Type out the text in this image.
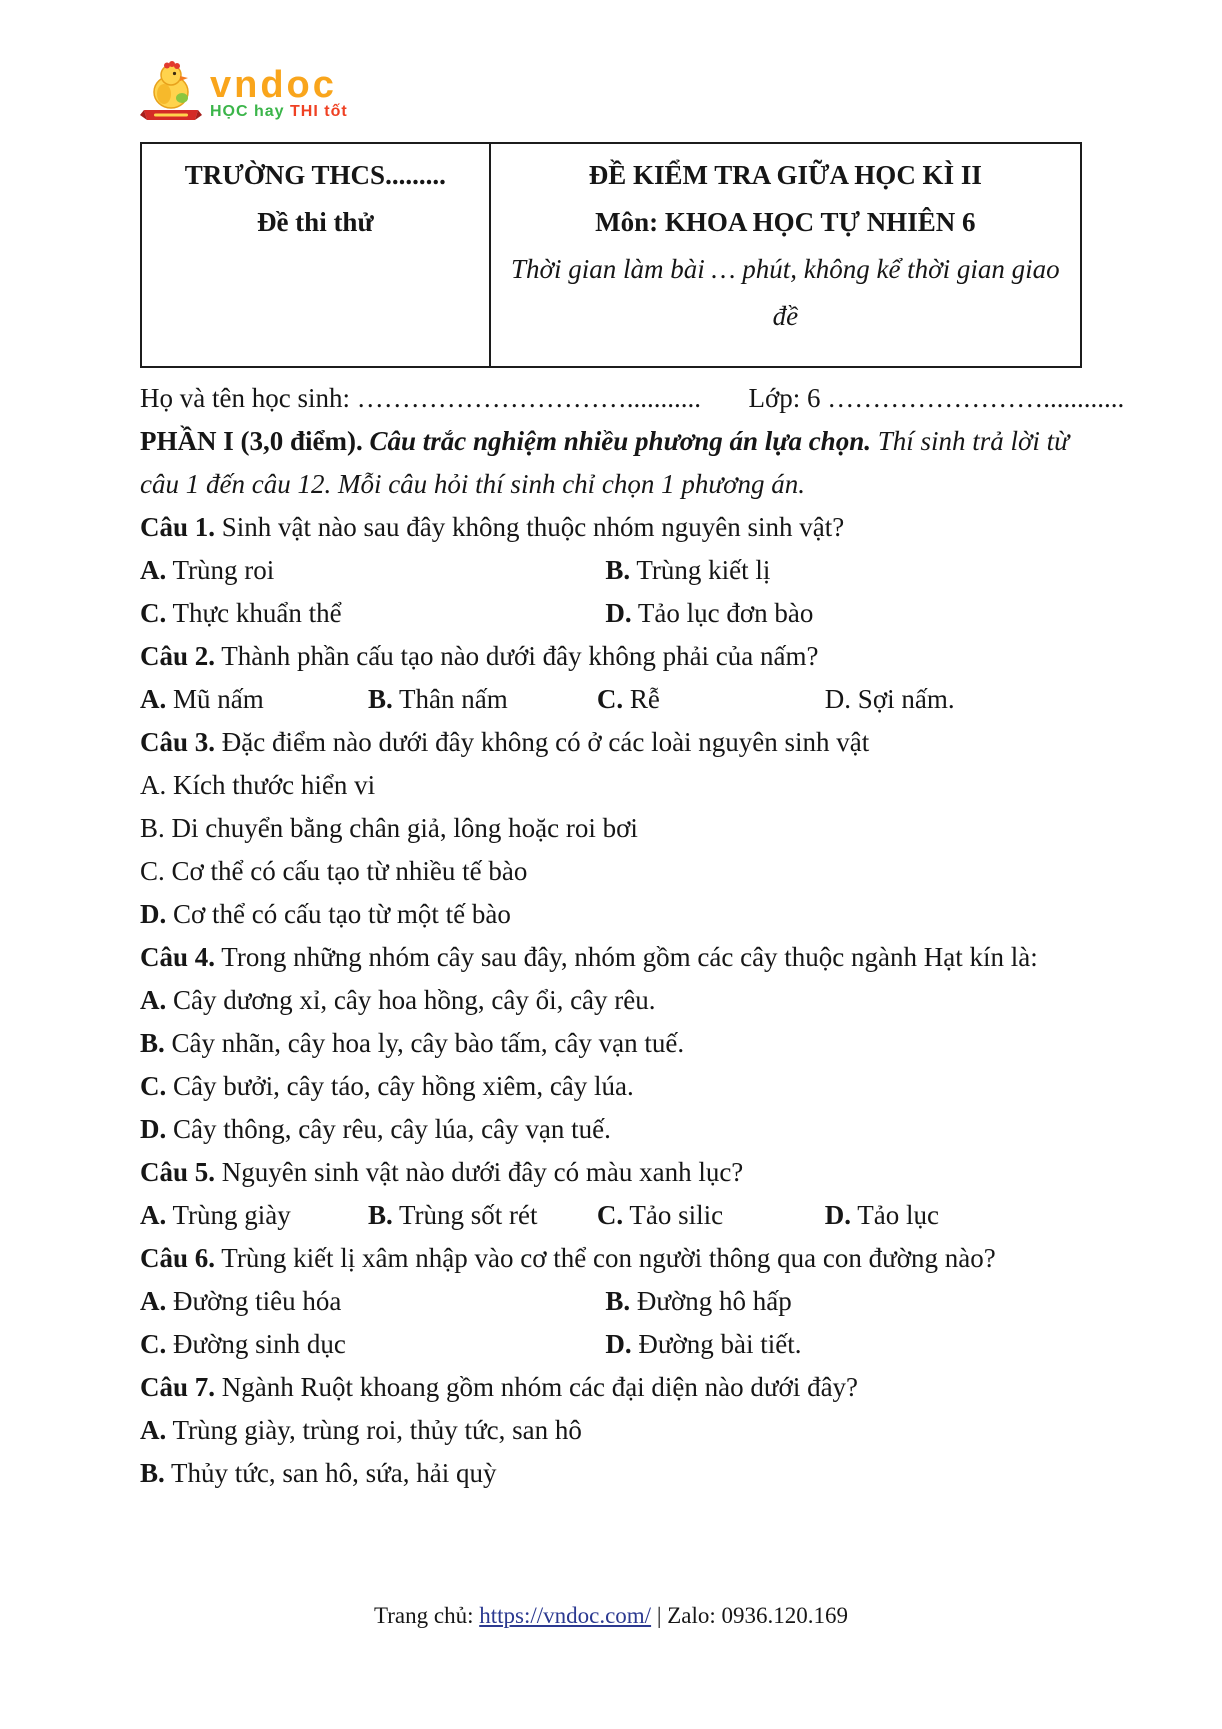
vndoc
HỌC hay THI tốt

TRƯỜNG THCS.........

Đề thi thử

ĐỀ KIỂM TRA GIỮA HỌC KÌ II

Môn: KHOA HỌC TỰ NHIÊN 6

Thời gian làm bài … phút, không kể thời gian giao đề

Họ và tên học sinh: …………………………........... Lớp: 6 ……………………............

PHẦN I (3,0 điểm). Câu trắc nghiệm nhiều phương án lựa chọn. Thí sinh trả lời từ câu 1 đến câu 12. Mỗi câu hỏi thí sinh chỉ chọn 1 phương án.

Câu 1. Sinh vật nào sau đây không thuộc nhóm nguyên sinh vật?

A. Trùng roi	B. Trùng kiết lị
C. Thực khuẩn thể	D. Tảo lục đơn bào

Câu 2. Thành phần cấu tạo nào dưới đây không phải của nấm?

A. Mũ nấm	B. Thân nấm	C. Rễ	D. Sợi nấm.

Câu 3. Đặc điểm nào dưới đây không có ở các loài nguyên sinh vật

A. Kích thước hiển vi
B. Di chuyển bằng chân giả, lông hoặc roi bơi
C. Cơ thể có cấu tạo từ nhiều tế bào
D. Cơ thể có cấu tạo từ một tế bào

Câu 4. Trong những nhóm cây sau đây, nhóm gồm các cây thuộc ngành Hạt kín là:

A. Cây dương xỉ, cây hoa hồng, cây ổi, cây rêu.
B. Cây nhãn, cây hoa ly, cây bào tấm, cây vạn tuế.
C. Cây bưởi, cây táo, cây hồng xiêm, cây lúa.
D. Cây thông, cây rêu, cây lúa, cây vạn tuế.

Câu 5. Nguyên sinh vật nào dưới đây có màu xanh lục?

A. Trùng giày	B. Trùng sốt rét	C. Tảo silic	D. Tảo lục

Câu 6. Trùng kiết lị xâm nhập vào cơ thể con người thông qua con đường nào?

A. Đường tiêu hóa	B. Đường hô hấp
C. Đường sinh dục	D. Đường bài tiết.

Câu 7. Ngành Ruột khoang gồm nhóm các đại diện nào dưới đây?

A. Trùng giày, trùng roi, thủy tức, san hô
B. Thủy tức, san hô, sứa, hải quỳ
Trang chủ: https://vndoc.com/ | Zalo: 0936.120.169
